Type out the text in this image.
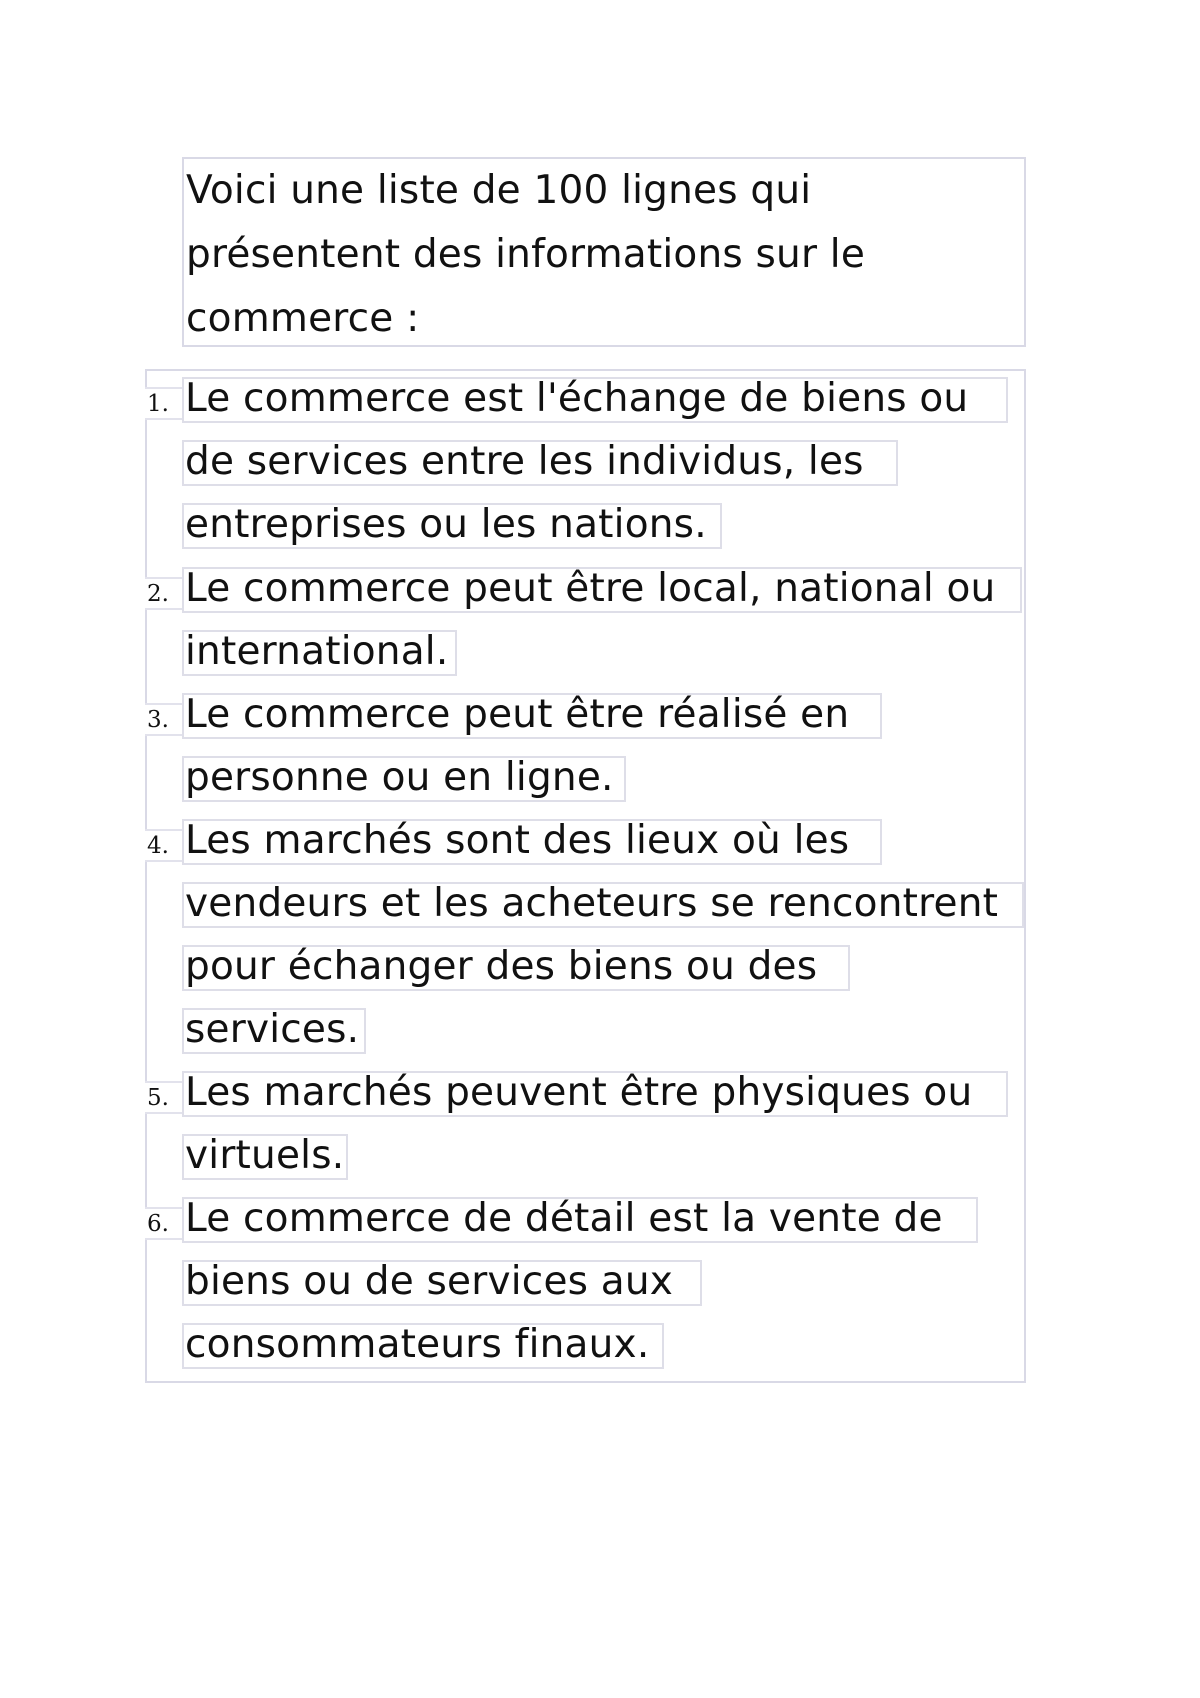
Voici une liste de 100 lignes qui
présentent des informations sur le
commerce :

1. Le commerce est l'échange de biens ou
de services entre les individus, les
entreprises ou les nations.
2. Le commerce peut être local, national ou
international.
3. Le commerce peut être réalisé en
personne ou en ligne.
4. Les marchés sont des lieux où les
vendeurs et les acheteurs se rencontrent
pour échanger des biens ou des
services.
5. Les marchés peuvent être physiques ou
virtuels.
6. Le commerce de détail est la vente de
biens ou de services aux
consommateurs finaux.
